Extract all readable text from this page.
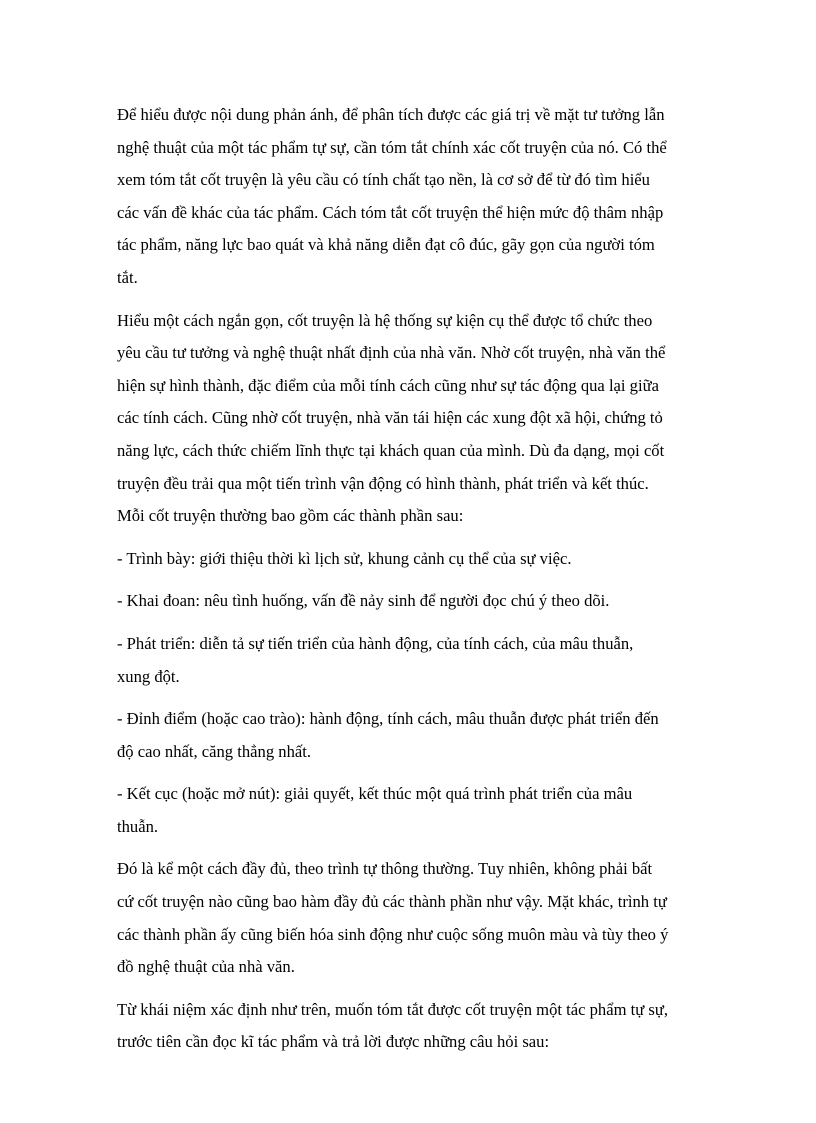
Để hiểu được nội dung phản ánh, để phân tích được các giá trị về mặt tư tưởng lẫn
nghệ thuật của một tác phẩm tự sự, cần tóm tắt chính xác cốt truyện của nó. Có thể
xem tóm tắt cốt truyện là yêu cầu có tính chất tạo nền, là cơ sở để từ đó tìm hiểu
các vấn đề khác của tác phẩm. Cách tóm tắt cốt truyện thể hiện mức độ thâm nhập
tác phẩm, năng lực bao quát và khả năng diễn đạt cô đúc, gãy gọn của người tóm
tắt.
Hiểu một cách ngắn gọn, cốt truyện là hệ thống sự kiện cụ thể được tổ chức theo
yêu cầu tư tưởng và nghệ thuật nhất định của nhà văn. Nhờ cốt truyện, nhà văn thể
hiện sự hình thành, đặc điểm của mỗi tính cách cũng như sự tác động qua lại giữa
các tính cách. Cũng nhờ cốt truyện, nhà văn tái hiện các xung đột xã hội, chứng tỏ
năng lực, cách thức chiếm lĩnh thực tại khách quan của mình. Dù đa dạng, mọi cốt
truyện đều trải qua một tiến trình vận động có hình thành, phát triển và kết thúc.
Mỗi cốt truyện thường bao gồm các thành phần sau:
- Trình bày: giới thiệu thời kì lịch sử, khung cảnh cụ thể của sự việc.
- Khai đoan: nêu tình huống, vấn đề nảy sinh để người đọc chú ý theo dõi.
- Phát triển: diễn tả sự tiến triển của hành động, của tính cách, của mâu thuẫn,
xung đột.
- Đỉnh điểm (hoặc cao trào): hành động, tính cách, mâu thuẫn được phát triển đến
độ cao nhất, căng thẳng nhất.
- Kết cục (hoặc mở nút): giải quyết, kết thúc một quá trình phát triển của mâu
thuẫn.
Đó là kể một cách đầy đủ, theo trình tự thông thường. Tuy nhiên, không phải bất
cứ cốt truyện nào cũng bao hàm đầy đủ các thành phần như vậy. Mặt khác, trình tự
các thành phần ấy cũng biến hóa sinh động như cuộc sống muôn màu và tùy theo ý
đồ nghệ thuật của nhà văn.
Từ khái niệm xác định như trên, muốn tóm tắt được cốt truyện một tác phẩm tự sự,
trước tiên cần đọc kĩ tác phẩm và trả lời được những câu hỏi sau:
